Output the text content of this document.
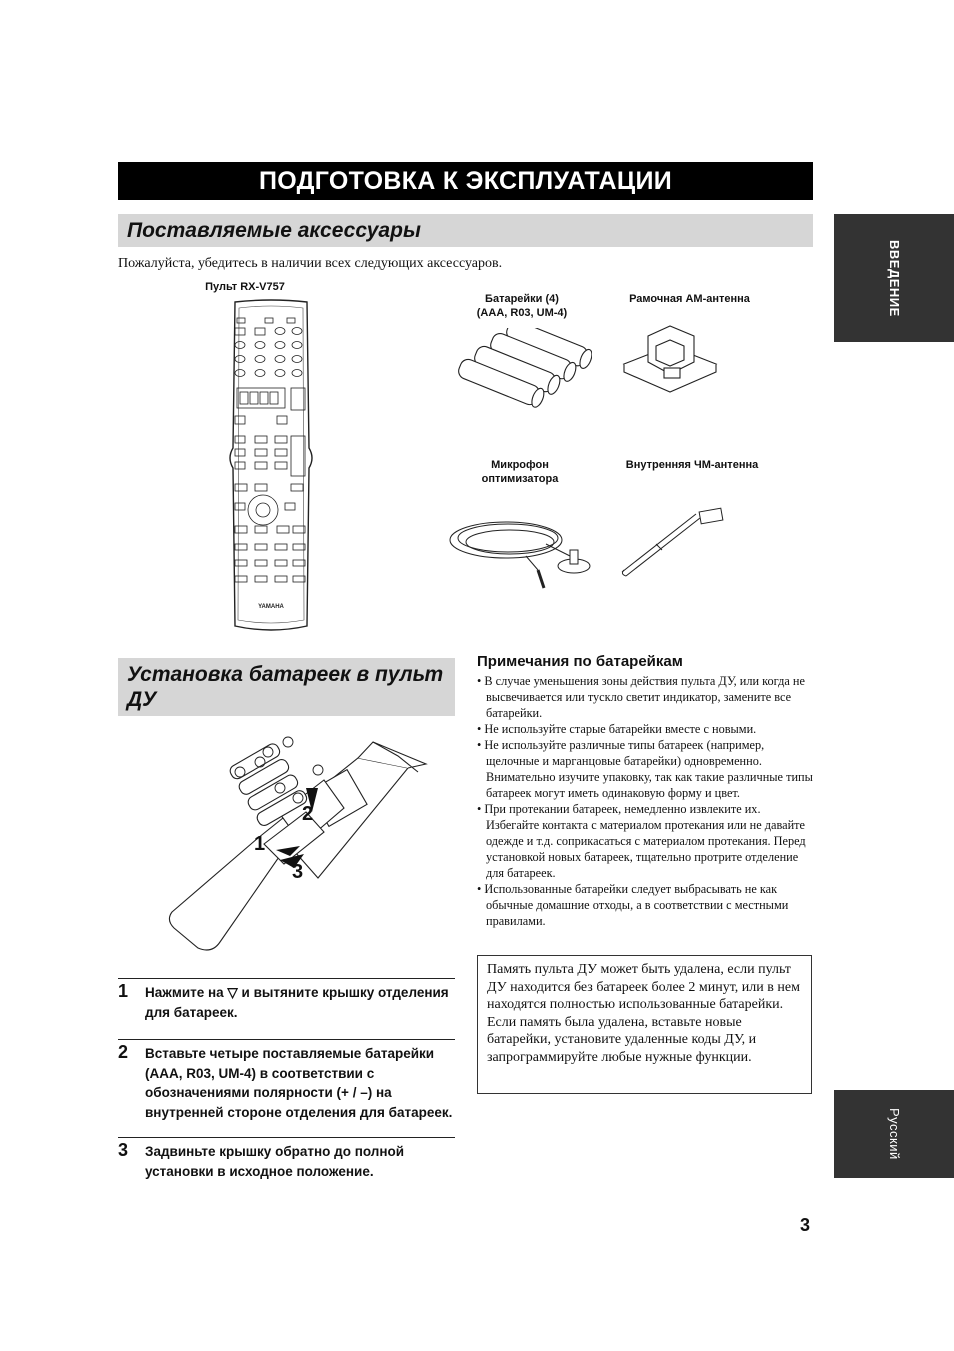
ПОДГОТОВКА К ЭКСПЛУАТАЦИИ
Поставляемые аксессуары
ВВЕДЕНИЕ
Русский
Пожалуйста, убедитесь в наличии всех следующих аксессуаров.
Пульт RX-V757
YAMAHA
Батарейки (4)
(AAA, R03, UM-4)
Рамочная AM-антенна
Микрофон
оптимизатора
Внутренняя ЧМ-антенна
Установка батареек в пульт ДУ
1
2
3
1 Нажмите на ▽ и вытяните крышку отделения для батареек.
2 Вставьте четыре поставляемые батарейки (AAA, R03, UM-4) в соответствии с обозначениями полярности (+ / –) на внутренней стороне отделения для батареек.
3 Задвиньте крышку обратно до полной установки в исходное положение.
Примечания по батарейкам
• В случае уменьшения зоны действия пульта ДУ, или когда не высвечивается или тускло светит индикатор, замените все батарейки.
• Не используйте старые батарейки вместе с новыми.
• Не используйте различные типы батареек (например, щелочные и марганцовые батарейки) одновременно. Внимательно изучите упаковку, так как такие различные типы батареек могут иметь одинаковую форму и цвет.
• При протекании батареек, немедленно извлеките их. Избегайте контакта с материалом протекания или не давайте одежде и т.д. соприкасаться с материалом протекания. Перед установкой новых батареек, тщательно протрите отделение для батареек.
• Использованные батарейки следует выбрасывать не как обычные домашние отходы, а в соответствии с местными правилами.
Память пульта ДУ может быть удалена, если пульт ДУ находится без батареек более 2 минут, или в нем находятся полностью использованные батарейки. Если память была удалена, вставьте новые батарейки, установите удаленные коды ДУ, и запрограммируйте любые нужные функции.
3
